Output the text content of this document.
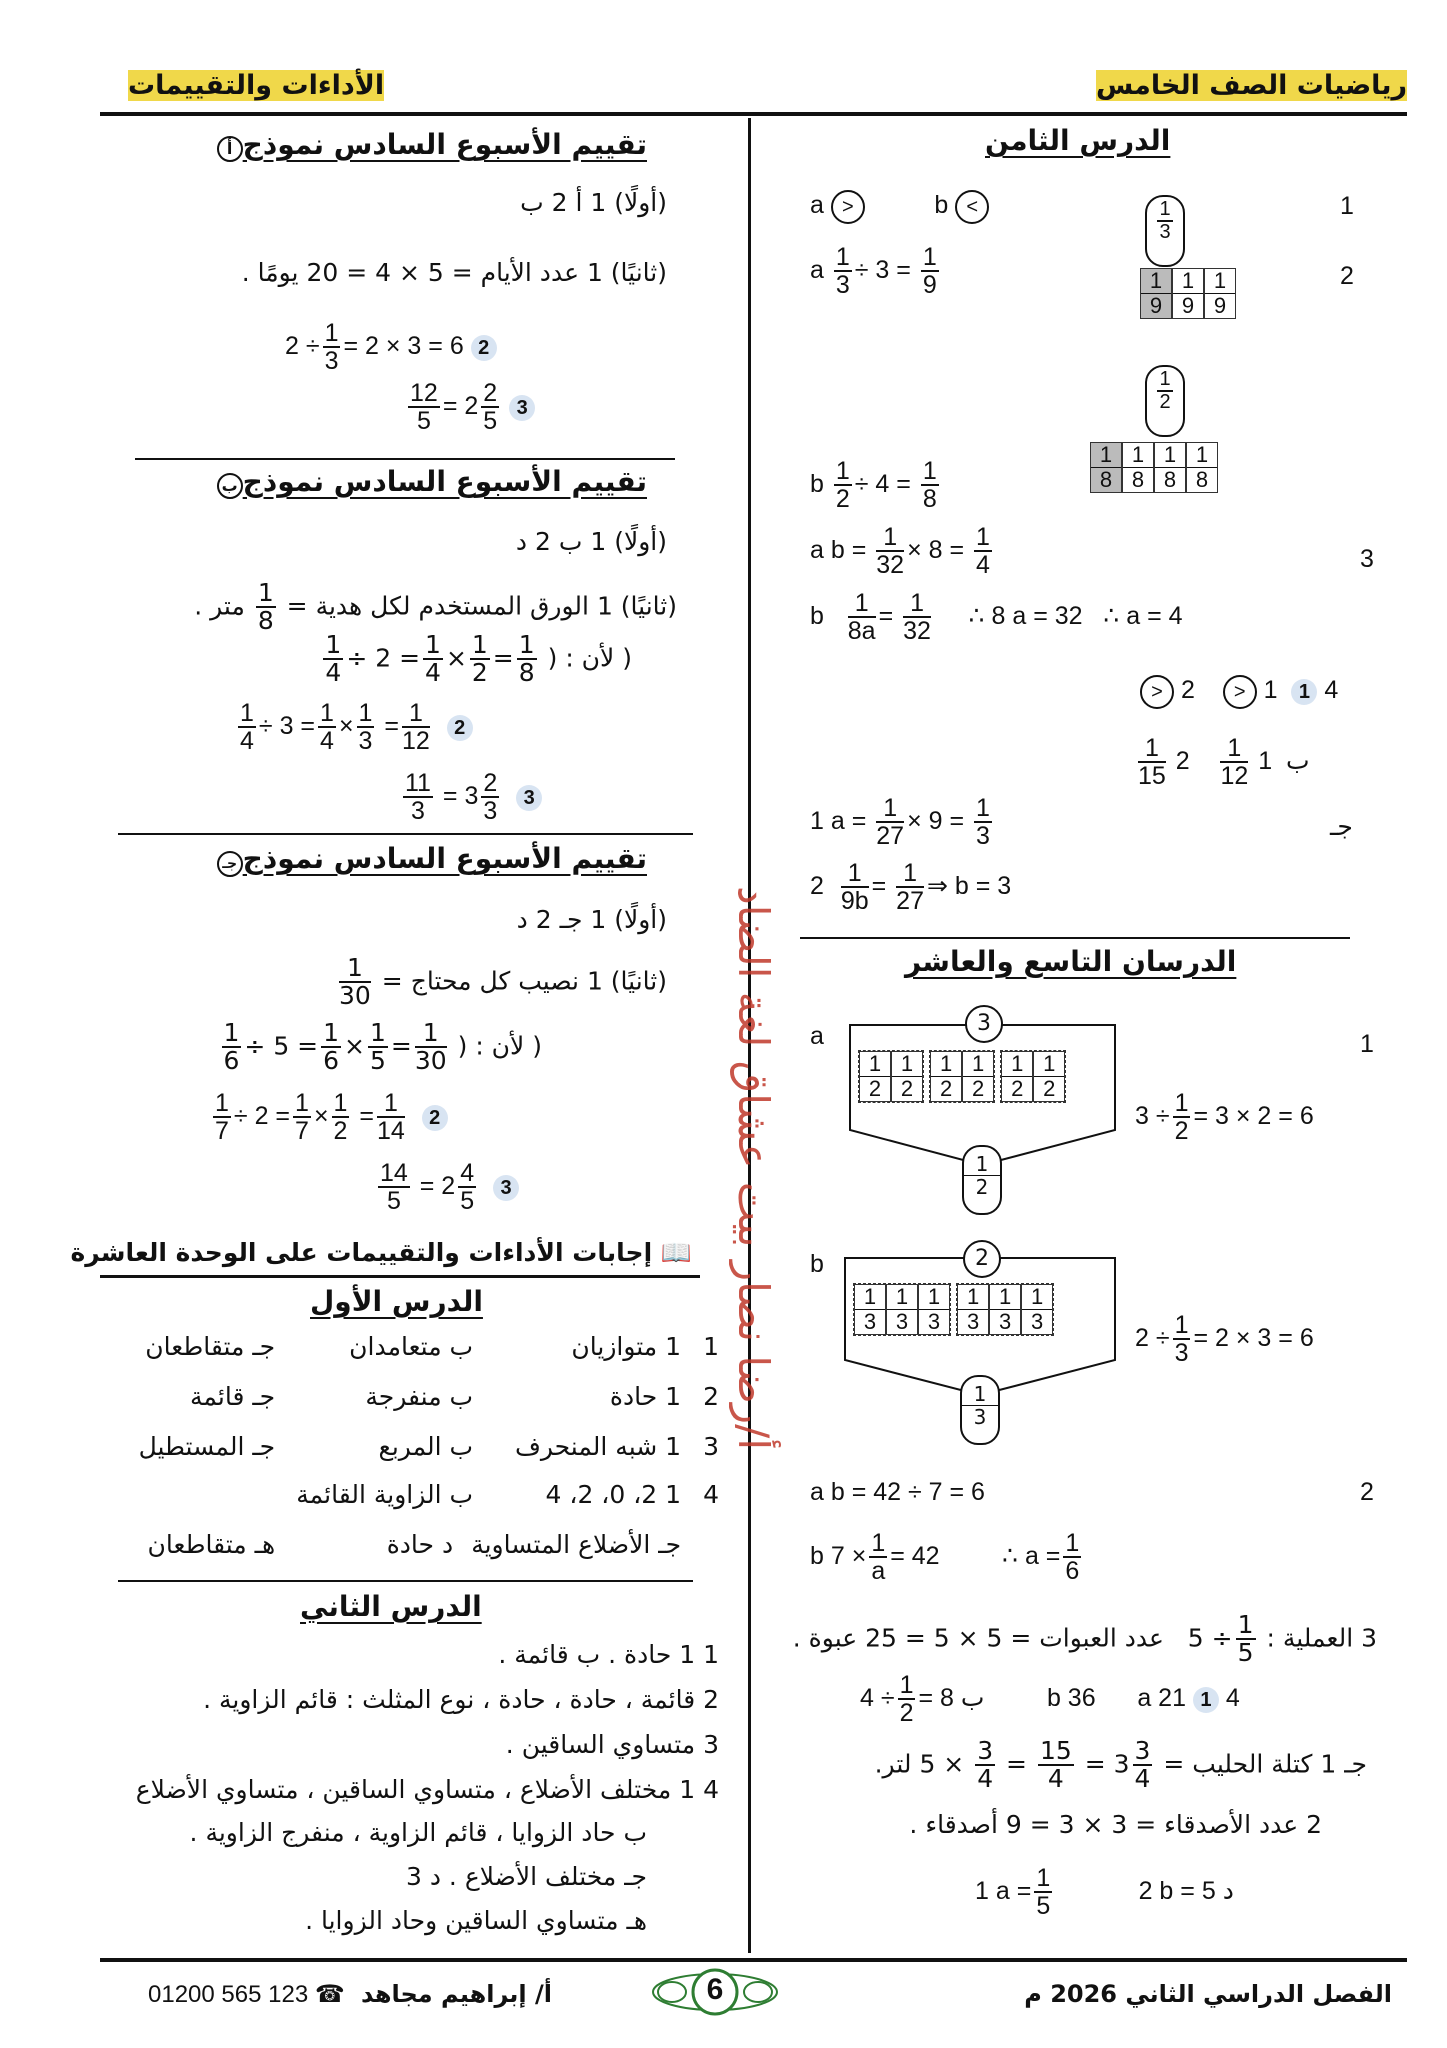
رياضيات الصف الخامس
الأداءات والتقييمات
أ/رضا نصار بيت عشاق لغة الضاد
الدرس الثامن
1
a >	b <	$\frac{1}{3}$
1
9
1
9
1
9
2
a $\frac{1}{3} \div 3 = \frac{1}{9}$
$\frac{1}{2}$
1
8
1
8
1
8
1
8
b $\frac{1}{2} \div 4 = \frac{1}{8}$
3
a $b = \frac{1}{32} \times 8 = \frac{1}{4}$
b $\frac{1}{8a} = \frac{1}{32}$ ∴ 8 a = 32 ∴ a = 4
> 2 > 1 1 4
$\frac{1}{15} 2 \frac{1}{12} 1$ ب
جـ
1 $a = \frac{1}{27} \times 9 = \frac{1}{3}$
$2 \frac{1}{9b} = \frac{1}{27}$ ⇒ b = 3
الدرسان التاسع والعاشر
1
a	3
1
2
1
2
1
2
1
2
1
2
1
2
1
2
$3 \div \frac{1}{2} = 3 \times 2 = 6$
b	2
1
3
1
3
1
3
1
3
1
3
1
3
1
3
$2 \div \frac{1}{3} = 2 \times 3 = 6$
2
a b = 42 ÷ 7 = 6
b $7 \times \frac{1}{a} = 42$	∴ $a = \frac{1}{6}$
3 العملية : $5 \div \frac{1}{5}$
عدد العبوات = 5 × 5 = 25 عبوة .
$4 \div \frac{1}{2} = 8$ ب	b 36 a 21 1 4
جـ 1 كتلة الحليب = $5 \times \frac{3}{4} = \frac{15}{4} = 3 \frac{3}{4}$
لتر.
2 عدد الأصدقاء = 3 × 3 = 9 أصدقاء .
1 $a = \frac{1}{5}$	2 b = 5 د
تقييم الأسبوع السادس نموذجأ
(أولًا) 1 أ 2 ب
(ثانيًا) 1 عدد الأيام = 5 × 4 = 20 يومًا .
$2 \div \frac{1}{3} = 2 \times 3 = 6$ 2
$\frac{12}{5} = 2 \frac{2}{5} 3$
تقييم الأسبوع السادس نموذجب
(أولًا) 1 ب 2 د
(ثانيًا) 1 الورق المستخدم لكل هدية =
$\frac{1}{8}$
متر .
( لأن :
$\frac{1}{4} \div 2 = \frac{1}{4} \times \frac{1}{2} = \frac{1}{8}$ )
$\frac{1}{4} \div 3 = \frac{1}{4} \times \frac{1}{3} = \frac{1}{12} 2$
$\frac{11}{3} = 3 \frac{2}{3} 3$
تقييم الأسبوع السادس نموذججـ
(أولًا) 1 جـ 2 د
(ثانيًا) 1 نصيب كل محتاج =
$\frac{1}{30}$
( لأن :
$\frac{1}{6} \div 5 = \frac{1}{6} \times \frac{1}{5} = \frac{1}{30}$ )
$\frac{1}{7} \div 2 = \frac{1}{7} \times \frac{1}{2} = \frac{1}{14} 2$
$\frac{14}{5} = 2 \frac{4}{5} 3$
📖 إجابات الأداءات والتقييمات على الوحدة العاشرة
الدرس الأول
1 1 متوازيان ب متعامدان جـ متقاطعان
2 1 حادة ب منفرجة جـ قائمة
3 1 شبه المنحرف ب المربع جـ المستطيل
4 1 2، 0، 2، 4 ب الزاوية القائمة
جـ الأضلاع المتساوية د حادة هـ متقاطعان
الدرس الثاني
1 1 حادة . ب قائمة .
2 قائمة ، حادة ، حادة ، نوع المثلث : قائم الزاوية .
3 متساوي الساقين .
4 1 مختلف الأضلاع ، متساوي الساقين ، متساوي الأضلاع
ب حاد الزوايا ، قائم الزاوية ، منفرج الزاوية .
جـ مختلف الأضلاع . د 3
هـ متساوي الساقين وحاد الزوايا .
الفصل الدراسي الثاني 2026 م
6
أ/ إبراهيم مجاهد
01200 565 123 ☎
